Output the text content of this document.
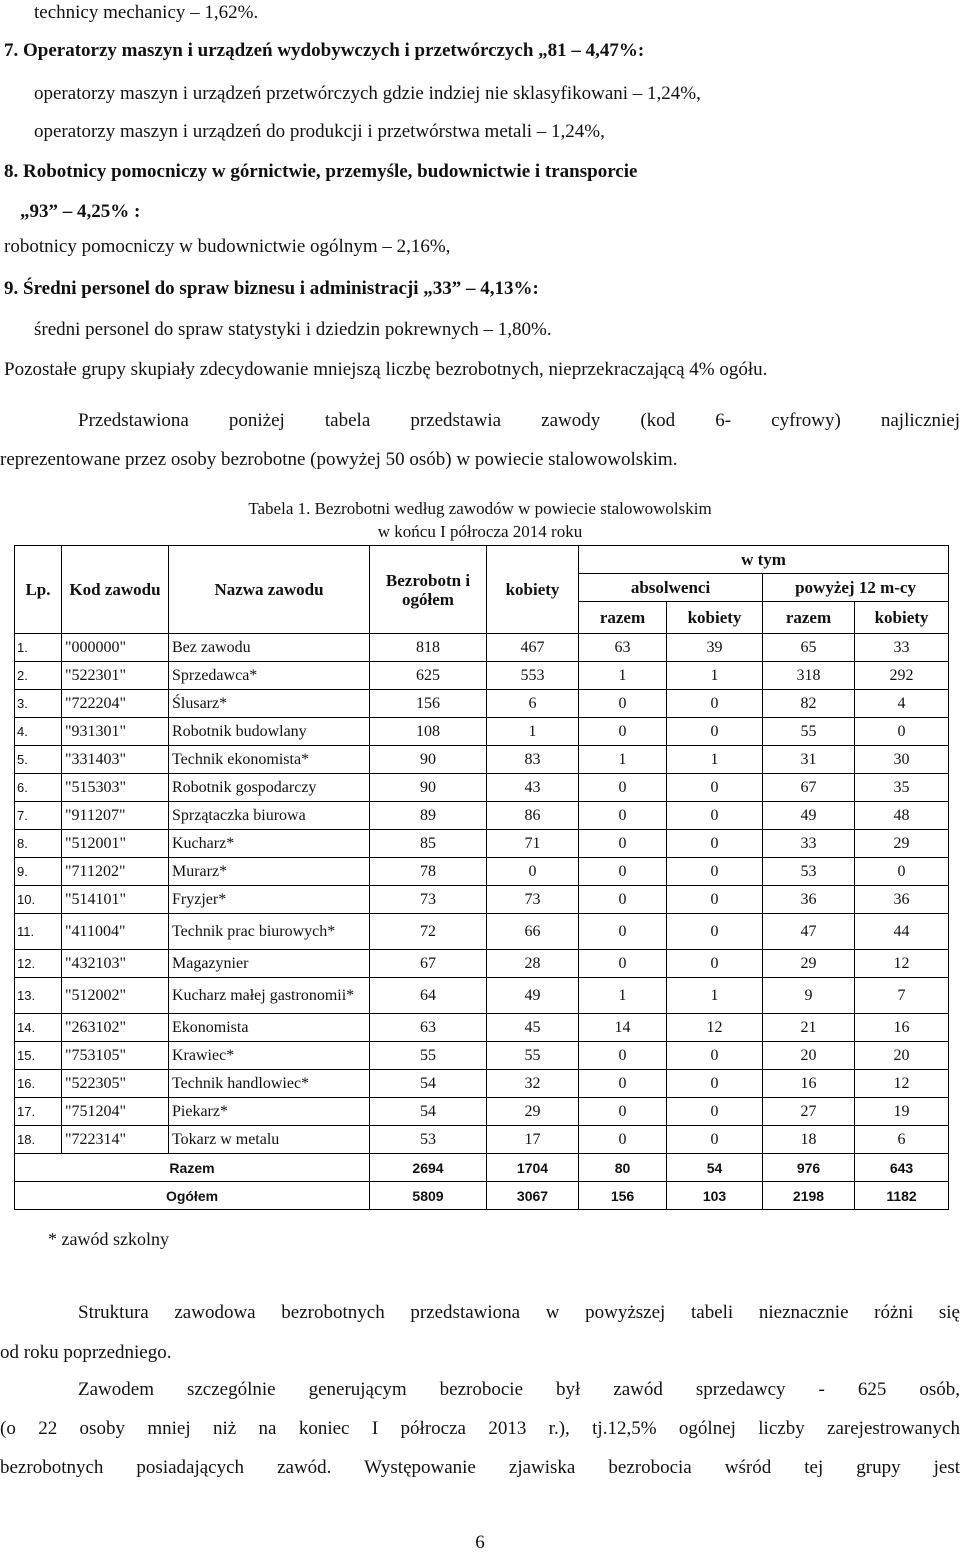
technicy mechanicy – 1,62%.
7. Operatorzy maszyn i urządzeń wydobywczych i przetwórczych „81 – 4,47%:
operatorzy maszyn i urządzeń przetwórczych gdzie indziej nie sklasyfikowani – 1,24%,
operatorzy maszyn i urządzeń do produkcji i przetwórstwa metali – 1,24%,
8. Robotnicy pomocniczy w górnictwie, przemyśle, budownictwie i transporcie
„93” – 4,25% :
robotnicy pomocniczy w budownictwie ogólnym – 2,16%,
9. Średni personel do spraw biznesu i administracji „33” – 4,13%:
średni personel do spraw statystyki i dziedzin pokrewnych – 1,80%.
Pozostałe grupy skupiały zdecydowanie mniejszą liczbę bezrobotnych, nieprzekraczającą 4% ogółu.
Przedstawiona poniżej tabela przedstawia zawody (kod 6- cyfrowy) najliczniej
reprezentowane przez osoby bezrobotne (powyżej 50 osób) w powiecie stalowowolskim.
Tabela 1. Bezrobotni według zawodów w powiecie stalowowolskim
w końcu I półrocza 2014 roku
Lp.	Kod zawodu	Nazwa zawodu	Bezrobotn i ogółem	kobiety	w tym			
					absolwenci		powyżej 12 m-cy	
					razem	kobiety	razem	kobiety
1.	"000000"	Bez zawodu	818	467	63	39	65	33
2.	"522301"	Sprzedawca*	625	553	1	1	318	292
3.	"722204"	Ślusarz*	156	6	0	0	82	4
4.	"931301"	Robotnik budowlany	108	1	0	0	55	0
5.	"331403"	Technik ekonomista*	90	83	1	1	31	30
6.	"515303"	Robotnik gospodarczy	90	43	0	0	67	35
7.	"911207"	Sprzątaczka biurowa	89	86	0	0	49	48
8.	"512001"	Kucharz*	85	71	0	0	33	29
9.	"711202"	Murarz*	78	0	0	0	53	0
10.	"514101"	Fryzjer*	73	73	0	0	36	36
11.	"411004"	Technik prac biurowych*	72	66	0	0	47	44
12.	"432103"	Magazynier	67	28	0	0	29	12
13.	"512002"	Kucharz małej gastronomii*	64	49	1	1	9	7
14.	"263102"	Ekonomista	63	45	14	12	21	16
15.	"753105"	Krawiec*	55	55	0	0	20	20
16.	"522305"	Technik handlowiec*	54	32	0	0	16	12
17.	"751204"	Piekarz*	54	29	0	0	27	19
18.	"722314"	Tokarz w metalu	53	17	0	0	18	6
Razem			2694	1704	80	54	976	643
Ogółem			5809	3067	156	103	2198	1182
* zawód szkolny
Struktura zawodowa bezrobotnych przedstawiona w powyższej tabeli nieznacznie różni się
od roku poprzedniego.
Zawodem szczególnie generującym bezrobocie był zawód sprzedawcy - 625 osób,
(o 22 osoby mniej niż na koniec I półrocza 2013 r.), tj.12,5% ogólnej liczby zarejestrowanych
bezrobotnych posiadających zawód. Występowanie zjawiska bezrobocia wśród tej grupy jest
6
